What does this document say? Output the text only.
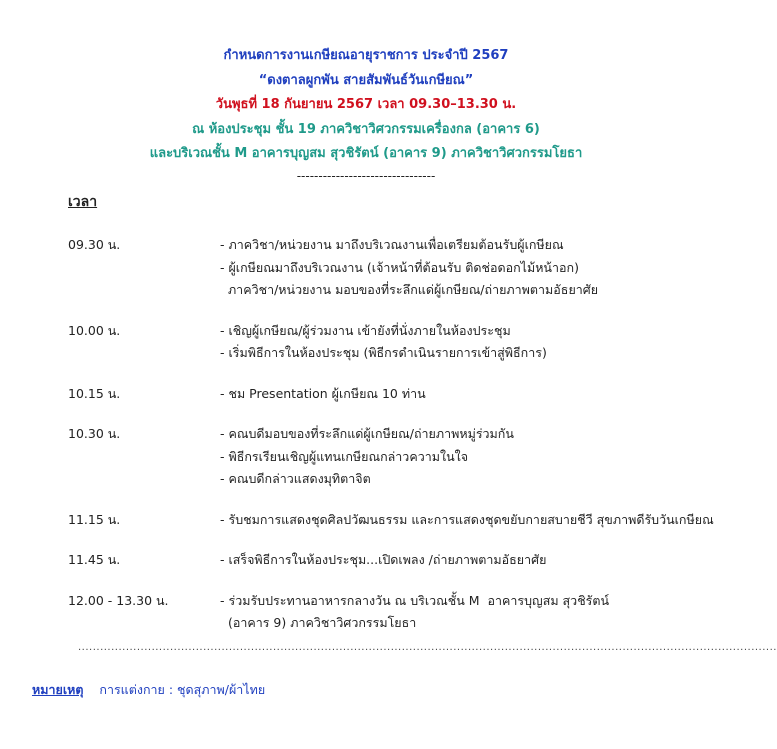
กำหนดการงานเกษียณอายุราชการ ประจำปี 2567
“ดงตาลผูกพัน สายสัมพันธ์วันเกษียณ”
วันพุธที่ 18 กันยายน 2567 เวลา 09.30–13.30 น.
ณ ห้องประชุม ชั้น 19 ภาควิชาวิศวกรรมเครื่องกล (อาคาร 6)
และบริเวณชั้น M อาคารบุญสม สุวชิรัตน์ (อาคาร 9) ภาควิชาวิศวกรรมโยธา
--------------------------------
เวลา
09.30 น.	- ภาควิชา/หน่วยงาน มาถึงบริเวณงานเพื่อเตรียมต้อนรับผู้เกษียณ
- ผู้เกษียณมาถึงบริเวณงาน (เจ้าหน้าที่ต้อนรับ ติดช่อดอกไม้หน้าอก)
ภาควิชา/หน่วยงาน มอบของที่ระลึกแด่ผู้เกษียณ/ถ่ายภาพตามอัธยาศัย
10.00 น.	- เชิญผู้เกษียณ/ผู้ร่วมงาน เข้ายังที่นั่งภายในห้องประชุม
- เริ่มพิธีการในห้องประชุม (พิธีกรดำเนินรายการเข้าสู่พิธีการ)
10.15 น.	- ชม Presentation ผู้เกษียณ 10 ท่าน
10.30 น.	- คณบดีมอบของที่ระลึกแด่ผู้เกษียณ/ถ่ายภาพหมู่ร่วมกัน
- พิธีกรเรียนเชิญผู้แทนเกษียณกล่าวความในใจ
- คณบดีกล่าวแสดงมุทิตาจิต
11.15 น.	- รับชมการแสดงชุดศิลปวัฒนธรรม และการแสดงชุดขยับกายสบายชีวี สุขภาพดีรับวันเกษียณ
11.45 น.	- เสร็จพิธีการในห้องประชุม...เปิดเพลง /ถ่ายภาพตามอัธยาศัย
12.00 - 13.30 น.	- ร่วมรับประทานอาหารกลางวัน ณ บริเวณชั้น M  อาคารบุญสม สุวชิรัตน์
(อาคาร 9) ภาควิชาวิศวกรรมโยธา
..............................................................................................................................................................................................
หมายเหตุ การแต่งกาย : ชุดสุภาพ/ผ้าไทย
